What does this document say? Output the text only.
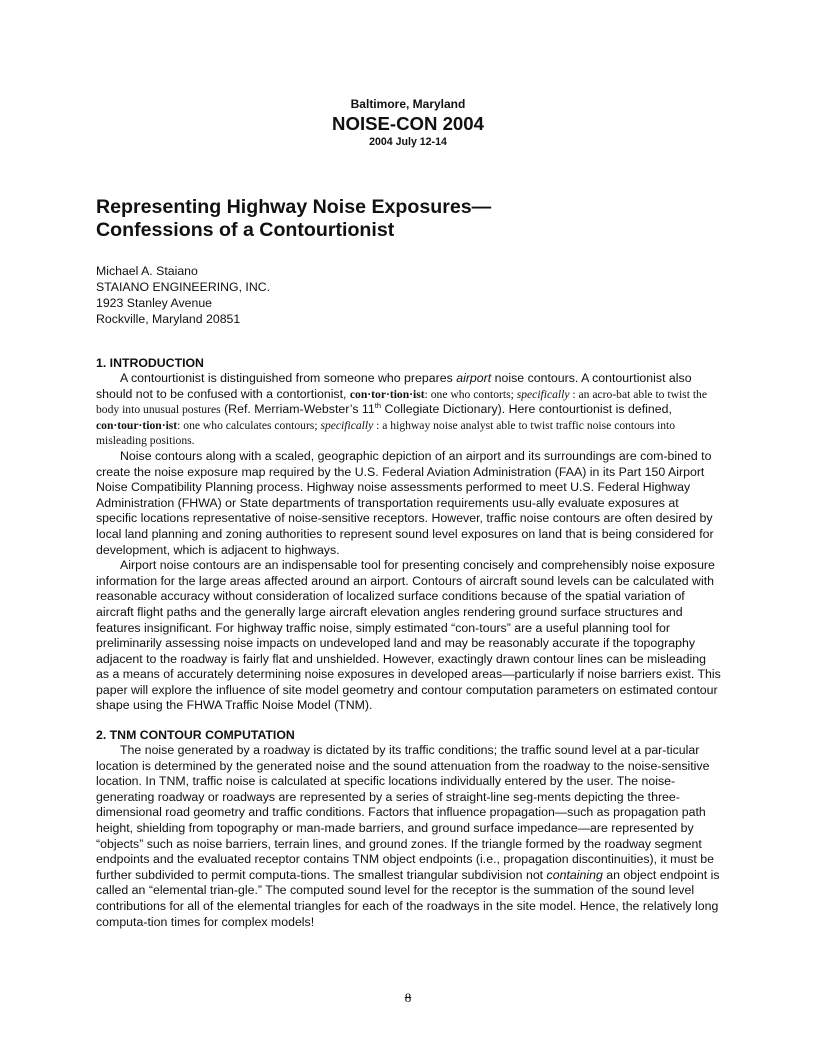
Baltimore, Maryland
NOISE-CON 2004
2004 July 12-14
Representing Highway Noise Exposures—
Confessions of a Contourtionist
Michael A. Staiano
STAIANO ENGINEERING, INC.
1923 Stanley Avenue
Rockville, Maryland 20851
1. INTRODUCTION

A contourtionist is distinguished from someone who prepares airport noise contours. A contourtionist also should not to be confused with a contortionist, con·tor·tion·ist: one who contorts; specifically : an acro-bat able to twist the body into unusual postures (Ref. Merriam-Webster’s 11th Collegiate Dictionary). Here contourtionist is defined, con·tour·tion·ist: one who calculates contours; specifically : a highway noise analyst able to twist traffic noise contours into misleading positions.

Noise contours along with a scaled, geographic depiction of an airport and its surroundings are com-bined to create the noise exposure map required by the U.S. Federal Aviation Administration (FAA) in its Part 150 Airport Noise Compatibility Planning process. Highway noise assessments performed to meet U.S. Federal Highway Administration (FHWA) or State departments of transportation requirements usu-ally evaluate exposures at specific locations representative of noise-sensitive receptors. However, traffic noise contours are often desired by local land planning and zoning authorities to represent sound level exposures on land that is being considered for development, which is adjacent to highways.

Airport noise contours are an indispensable tool for presenting concisely and comprehensibly noise exposure information for the large areas affected around an airport. Contours of aircraft sound levels can be calculated with reasonable accuracy without consideration of localized surface conditions because of the spatial variation of aircraft flight paths and the generally large aircraft elevation angles rendering ground surface structures and features insignificant. For highway traffic noise, simply estimated “con-tours” are a useful planning tool for preliminarily assessing noise impacts on undeveloped land and may be reasonably accurate if the topography adjacent to the roadway is fairly flat and unshielded. However, exactingly drawn contour lines can be misleading as a means of accurately determining noise exposures in developed areas—particularly if noise barriers exist. This paper will explore the influence of site model geometry and contour computation parameters on estimated contour shape using the FHWA Traffic Noise Model (TNM).

2. TNM CONTOUR COMPUTATION

The noise generated by a roadway is dictated by its traffic conditions; the traffic sound level at a par-ticular location is determined by the generated noise and the sound attenuation from the roadway to the noise-sensitive location. In TNM, traffic noise is calculated at specific locations individually entered by the user. The noise-generating roadway or roadways are represented by a series of straight-line seg-ments depicting the three-dimensional road geometry and traffic conditions. Factors that influence propagation—such as propagation path height, shielding from topography or man-made barriers, and ground surface impedance—are represented by “objects” such as noise barriers, terrain lines, and ground zones. If the triangle formed by the roadway segment endpoints and the evaluated receptor contains TNM object endpoints (i.e., propagation discontinuities), it must be further subdivided to permit computa-tions. The smallest triangular subdivision not containing an object endpoint is called an “elemental trian-gle.” The computed sound level for the receptor is the summation of the sound level contributions for all of the elemental triangles for each of the roadways in the site model. Hence, the relatively long computa-tion times for complex models!

8
